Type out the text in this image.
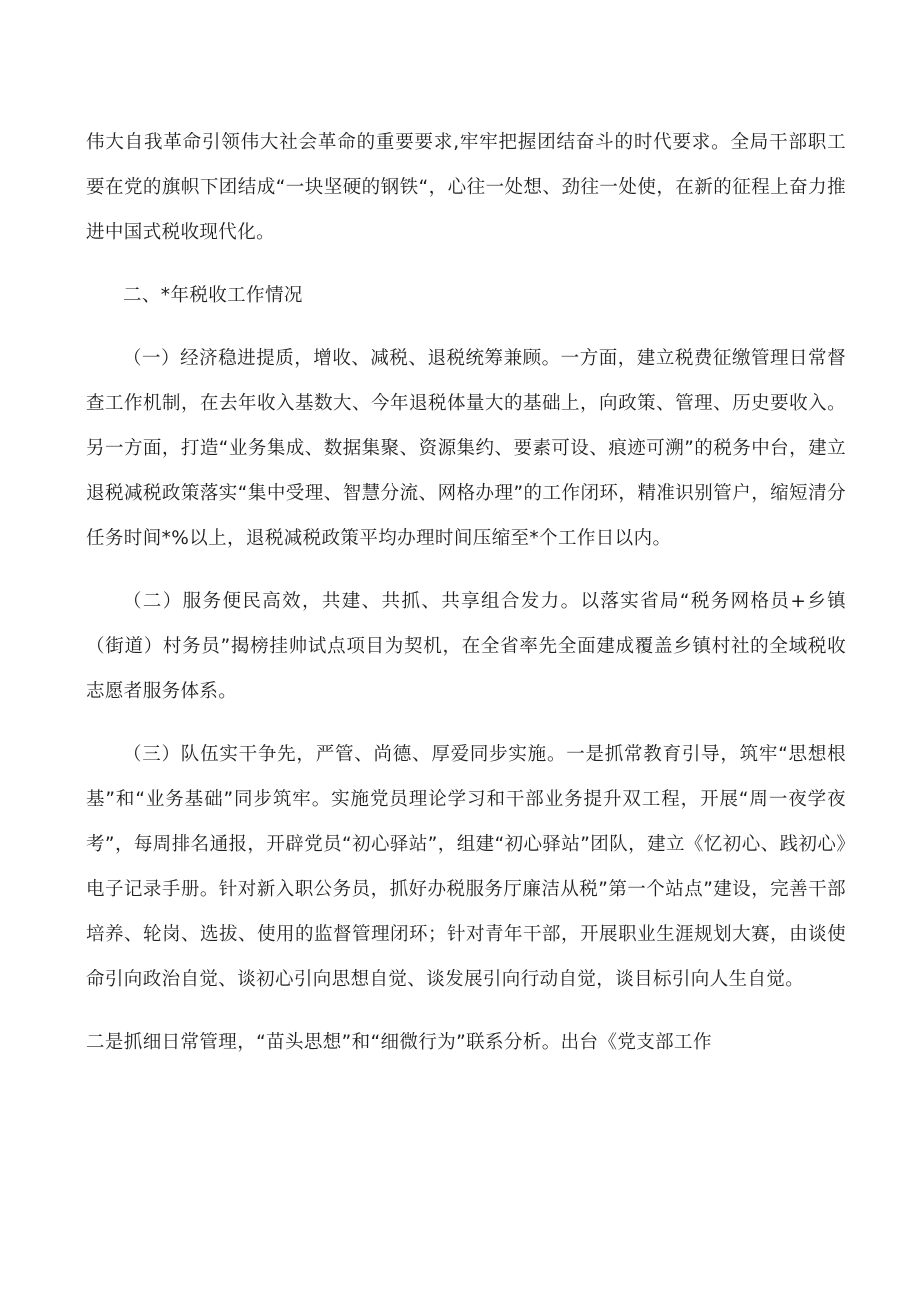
伟大自我革命引领伟大社会革命的重要要求,牢牢把握团结奋斗的时代要求。全局干部职工要在党的旗帜下团结成“一块坚硬的钢铁“，心往一处想、劲往一处使，在新的征程上奋力推进中国式税收现代化。

二、*年税收工作情况

（一）经济稳进提质，增收、减税、退税统筹兼顾。一方面，建立税费征缴管理日常督查工作机制，在去年收入基数大、今年退税体量大的基础上，向政策、管理、历史要收入。另一方面，打造“业务集成、数据集聚、资源集约、要素可设、痕迹可溯”的税务中台，建立退税减税政策落实“集中受理、智慧分流、网格办理”的工作闭环，精准识别管户，缩短清分任务时间*%以上，退税减税政策平均办理时间压缩至*个工作日以内。

（二）服务便民高效，共建、共抓、共享组合发力。以落实省局“税务网格员+乡镇（街道）村务员”揭榜挂帅试点项目为契机，在全省率先全面建成覆盖乡镇村社的全域税收志愿者服务体系。

（三）队伍实干争先，严管、尚德、厚爱同步实施。一是抓常教育引导，筑牢“思想根基”和“业务基础”同步筑牢。实施党员理论学习和干部业务提升双工程，开展“周一夜学夜考”，每周排名通报，开辟党员“初心驿站”，组建“初心驿站”团队，建立《忆初心、践初心》电子记录手册。针对新入职公务员，抓好办税服务厅廉洁从税”第一个站点”建设，完善干部培养、轮岗、选拔、使用的监督管理闭环；针对青年干部，开展职业生涯规划大赛，由谈使命引向政治自觉、谈初心引向思想自觉、谈发展引向行动自觉，谈目标引向人生自觉。

二是抓细日常管理，“苗头思想”和“细微行为”联系分析。出台《党支部工作
